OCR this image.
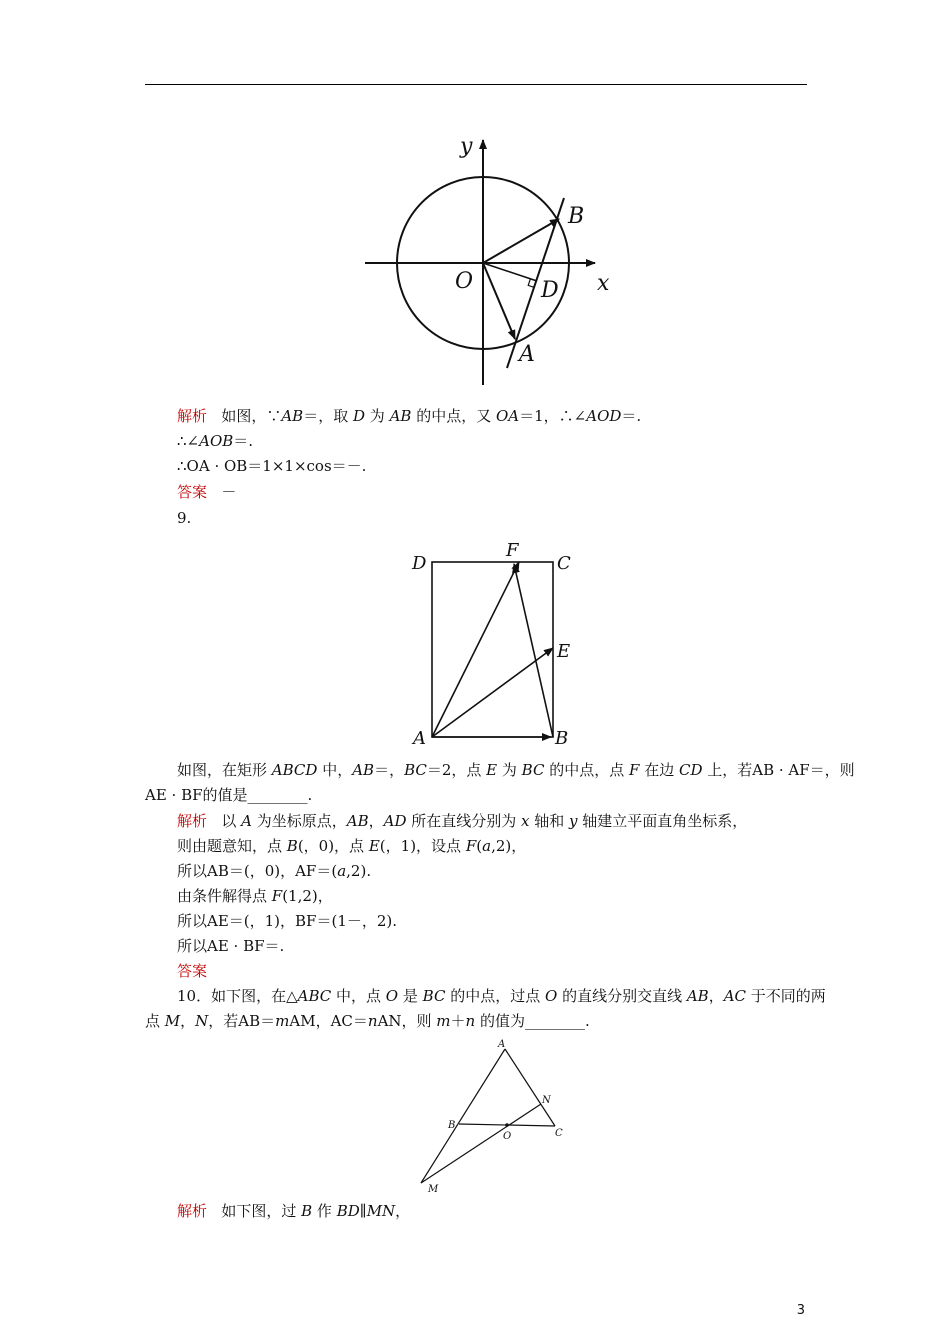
y
x
O
B
D
A
解析 如图，∵AB＝，取 D 为 AB 的中点，又 OA＝1，∴∠AOD＝.
∴∠AOB＝.
∴OA · OB＝1×1×cos＝－.
答案 －
9.
D
F
C
E
A	B
如图，在矩形 ABCD 中，AB＝，BC＝2，点 E 为 BC 的中点，点 F 在边 CD 上，若AB · AF＝，则
AE · BF的值是________.
解析 以 A 为坐标原点，AB，AD 所在直线分别为 x 轴和 y 轴建立平面直角坐标系，
则由题意知，点 B(，0)，点 E(，1)，设点 F(a,2)，
所以AB＝(，0)，AF＝(a,2).
由条件解得点 F(1,2)，
所以AE＝(，1)，BF＝(1－，2).
所以AE · BF＝.
答案
10．如下图，在△ABC 中，点 O 是 BC 的中点，过点 O 的直线分别交直线 AB，AC 于不同的两
点 M，N，若AB＝mAM，AC＝nAN，则 m＋n 的值为________.
A
N
B
O	C
M
解析 如下图，过 B 作 BD∥MN，
3
